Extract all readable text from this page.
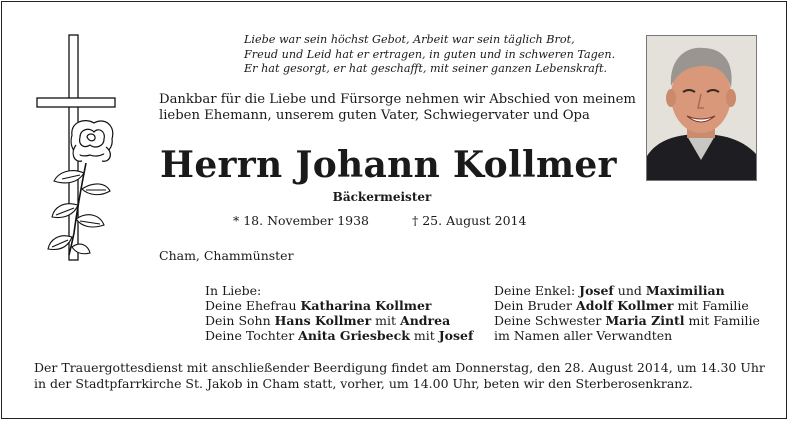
Liebe war sein höchst Gebot, Arbeit war sein täglich Brot,
Freud und Leid hat er ertragen, in guten und in schweren Tagen.
Er hat gesorgt, er hat geschafft, mit seiner ganzen Lebenskraft.
Dankbar für die Liebe und Fürsorge nehmen wir Abschied von meinem
lieben Ehemann, unserem guten Vater, Schwiegervater und Opa
Herrn Johann Kollmer
Bäckermeister
* 18. November 1938	† 25. August 2014
Cham, Chammünster
In Liebe:
Deine Ehefrau Katharina Kollmer
Dein Sohn Hans Kollmer mit Andrea
Deine Tochter Anita Griesbeck mit Josef
Deine Enkel: Josef und Maximilian
Dein Bruder Adolf Kollmer mit Familie
Deine Schwester Maria Zintl mit Familie
im Namen aller Verwandten
Der Trauergottesdienst mit anschließender Beerdigung findet am Donnerstag, den 28. August 2014, um 14.30 Uhr
in der Stadtpfarrkirche St. Jakob in Cham statt, vorher, um 14.00 Uhr, beten wir den Sterberosenkranz.
